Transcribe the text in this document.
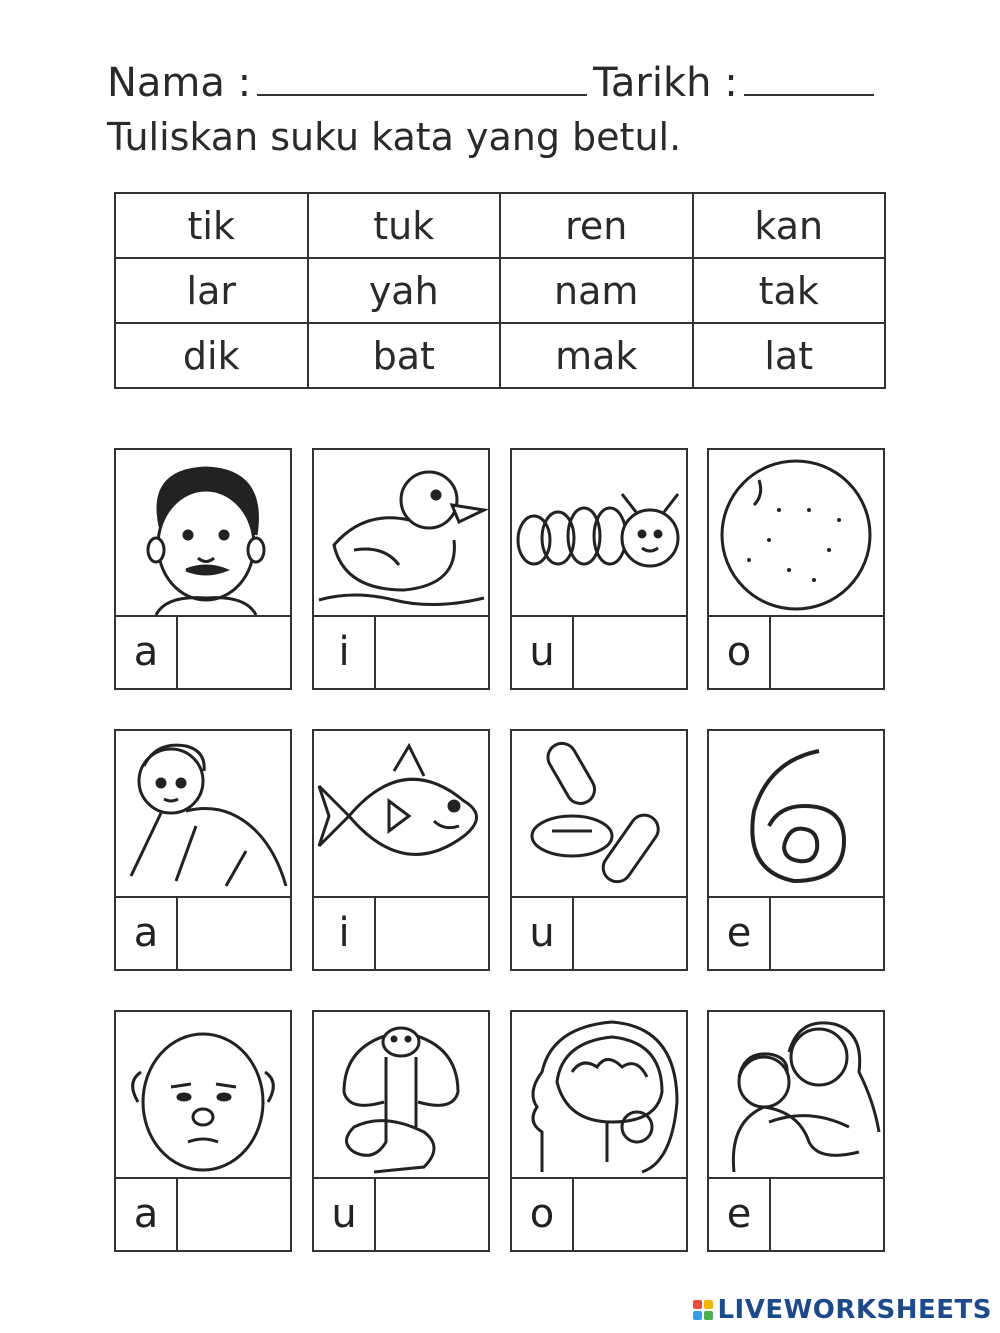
Nama :	Tarikh :
Tuliskan suku kata yang betul.
tik	tuk	ren	kan
lar	yah	nam	tak
dik	bat	mak	lat
a	i	u	o
a	i	u	e
a	u	o	e
LIVEWORKSHEETS
